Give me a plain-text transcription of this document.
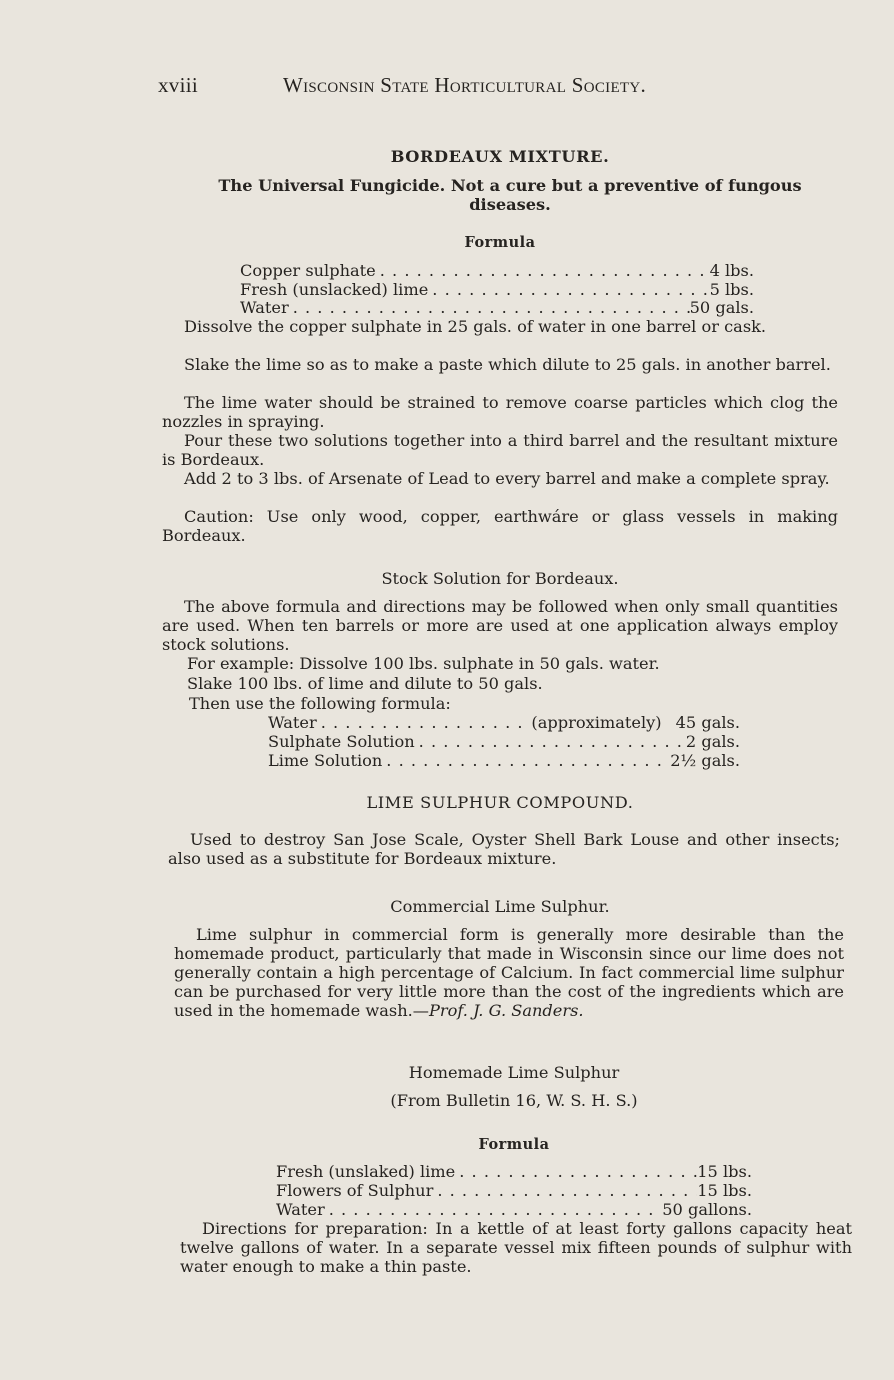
xviii	Wisconsin State Horticultural Society.
BORDEAUX MIXTURE.
The Universal Fungicide. Not a cure but a preventive of fungous diseases.
Formula
Copper sulphate . . .	4 lbs.
Fresh (unslacked) lime . . .	5 lbs.
Water . . .	50 gals.
Dissolve the copper sulphate in 25 gals. of water in one barrel or cask.
Slake the lime so as to make a paste which dilute to 25 gals. in another barrel.
The lime water should be strained to remove coarse particles which clog the nozzles in spraying.
Pour these two solutions together into a third barrel and the resultant mixture is Bordeaux.
Add 2 to 3 lbs. of Arsenate of Lead to every barrel and make a complete spray.
Caution: Use only wood, copper, earthwáre or glass vessels in making Bordeaux.
Stock Solution for Bordeaux.
The above formula and directions may be followed when only small quantities are used. When ten barrels or more are used at one application always employ stock solutions.
For example: Dissolve 100 lbs. sulphate in 50 gals. water.
Slake 100 lbs. of lime and dilute to 50 gals.
Then use the following formula:
Water . . .	(approximately) 45 gals.
Sulphate Solution . . .	2 gals.
Lime Solution . . .	2½ gals.
LIME SULPHUR COMPOUND.
Used to destroy San Jose Scale, Oyster Shell Bark Louse and other insects; also used as a substitute for Bordeaux mixture.
Commercial Lime Sulphur.
Lime sulphur in commercial form is generally more desirable than the homemade product, particularly that made in Wisconsin since our lime does not generally contain a high percentage of Calcium. In fact commercial lime sulphur can be purchased for very little more than the cost of the ingredients which are used in the homemade wash.—Prof. J. G. Sanders.
Homemade Lime Sulphur
(From Bulletin 16, W. S. H. S.)
Formula
Fresh (unslaked) lime . . .	15 lbs.
Flowers of Sulphur . . .	15 lbs.
Water . . .	50 gallons.
Directions for preparation: In a kettle of at least forty gallons capacity heat twelve gallons of water. In a separate vessel mix fifteen pounds of sulphur with water enough to make a thin paste.
